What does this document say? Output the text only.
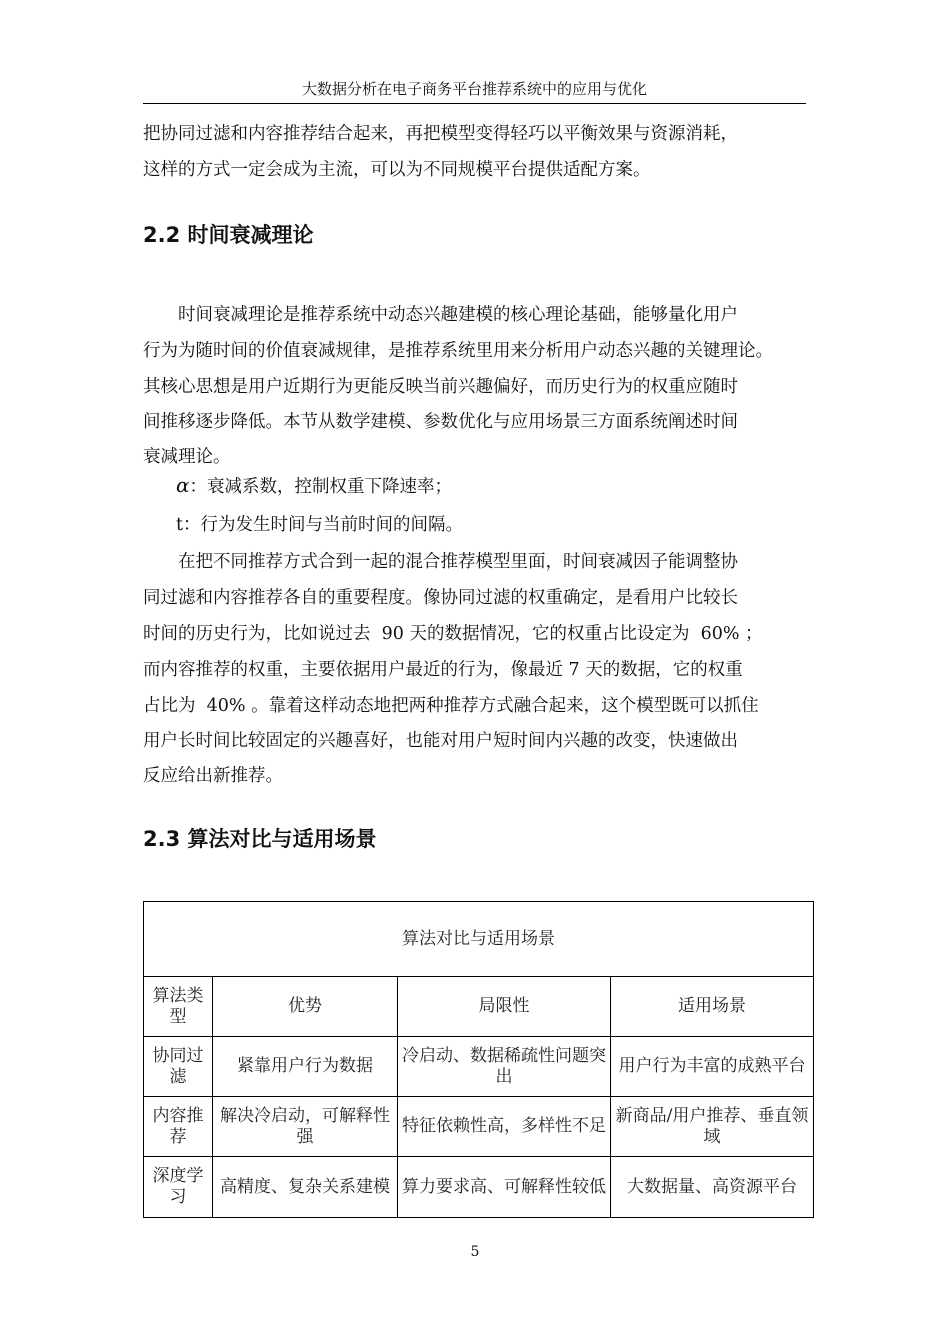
大数据分析在电子商务平台推荐系统中的应用与优化
把协同过滤和内容推荐结合起来，再把模型变得轻巧以平衡效果与资源消耗，
这样的方式一定会成为主流，可以为不同规模平台提供适配方案。
2.2 时间衰减理论
时间衰减理论是推荐系统中动态兴趣建模的核心理论基础，能够量化用户
行为为随时间的价值衰减规律，是推荐系统里用来分析用户动态兴趣的关键理论。
其核心思想是用户近期行为更能反映当前兴趣偏好，而历史行为的权重应随时
间推移逐步降低。本节从数学建模、参数优化与应用场景三方面系统阐述时间
衰减理论。
α：衰减系数，控制权重下降速率；
t：行为发生时间与当前时间的间隔。
在把不同推荐方式合到一起的混合推荐模型里面，时间衰减因子能调整协
同过滤和内容推荐各自的重要程度。像协同过滤的权重确定，是看用户比较长
时间的历史行为，比如说过去  90 天的数据情况，它的权重占比设定为  60% ；
而内容推荐的权重，主要依据用户最近的行为，像最近 7 天的数据，它的权重
占比为  40% 。靠着这样动态地把两种推荐方式融合起来，这个模型既可以抓住
用户长时间比较固定的兴趣喜好，也能对用户短时间内兴趣的改变，快速做出
反应给出新推荐。
2.3 算法对比与适用场景
算法对比与适用场景			
算法类型	优势	局限性	适用场景
协同过滤	紧靠用户行为数据	冷启动、数据稀疏性问题突出	用户行为丰富的成熟平台
内容推荐	解决冷启动，可解释性强	特征依赖性高，多样性不足	新商品/用户推荐、垂直领域
深度学习	高精度、复杂关系建模	算力要求高、可解释性较低	大数据量、高资源平台
5
